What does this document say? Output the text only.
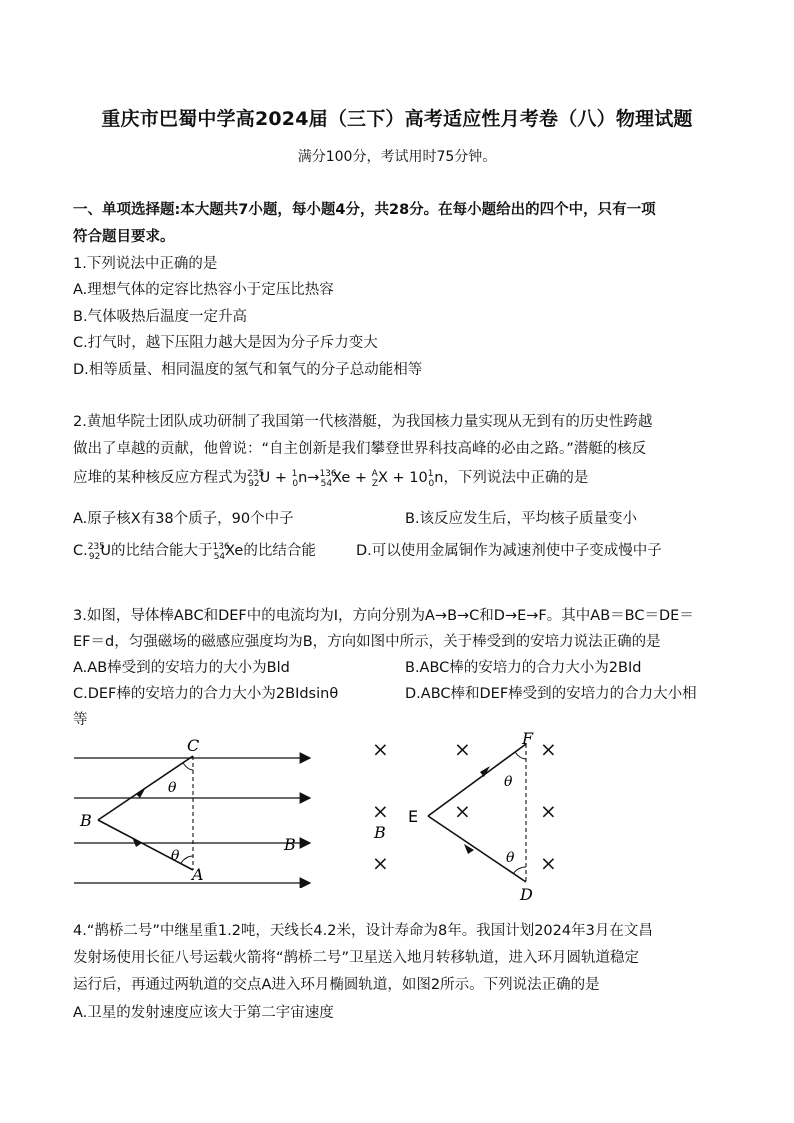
重庆市巴蜀中学高2024届（三下）高考适应性月考卷（八）物理试题
满分100分，考试用时75分钟。
一、单项选择题:本大题共7小题，每小题4分，共28分。在每小题给出的四个中，只有一项
符合题目要求。
1.下列说法中正确的是
A.理想气体的定容比热容小于定压比热容
B.气体吸热后温度一定升高
C.打气时，越下压阻力越大是因为分子斥力变大
D.相等质量、相同温度的氢气和氧气的分子总动能相等
2.黄旭华院士团队成功研制了我国第一代核潜艇，为我国核力量实现从无到有的历史性跨越
做出了卓越的贡献，他曾说：“自主创新是我们攀登世界科技高峰的必由之路。”潜艇的核反
应堆的某种核反应方程式为$^{235}_{92}U + ^1_0n\to^{136}_{54}Xe + ^A_ZX + 10^1_0n$，下列说法中正确的是
A.原子核X有38个质子，90个中子	B.该反应发生后，平均核子质量变小
C.$^{235}_{92}$U的比结合能大于$^{136}_{54}$Xe的比结合能	D.可以使用金属铜作为减速剂使中子变成慢中子
3.如图，导体棒ABC和DEF中的电流均为I，方向分别为A→B→C和D→E→F。其中AB＝BC＝DE＝
EF＝d，匀强磁场的磁感应强度均为B，方向如图中所示，关于棒受到的安培力说法正确的是
A.AB棒受到的安培力的大小为Bld	B.ABC棒的安培力的合力大小为2BId
C.DEF棒的安培力的合力大小为2BIdsinθ	D.ABC棒和DEF棒受到的安培力的合力大小相
等
C
B
A
B
θ
θ
×	×	×
×	×	×
×	×
F
E
D
B
θ
θ
4.“鹊桥二号”中继星重1.2吨，天线长4.2米，设计寿命为8年。我国计划2024年3月在文昌
发射场使用长征八号运载火箭将“鹊桥二号”卫星送入地月转移轨道，进入环月圆轨道稳定
运行后，再通过两轨道的交点A进入环月椭圆轨道，如图2所示。下列说法正确的是
A.卫星的发射速度应该大于第二宇宙速度
